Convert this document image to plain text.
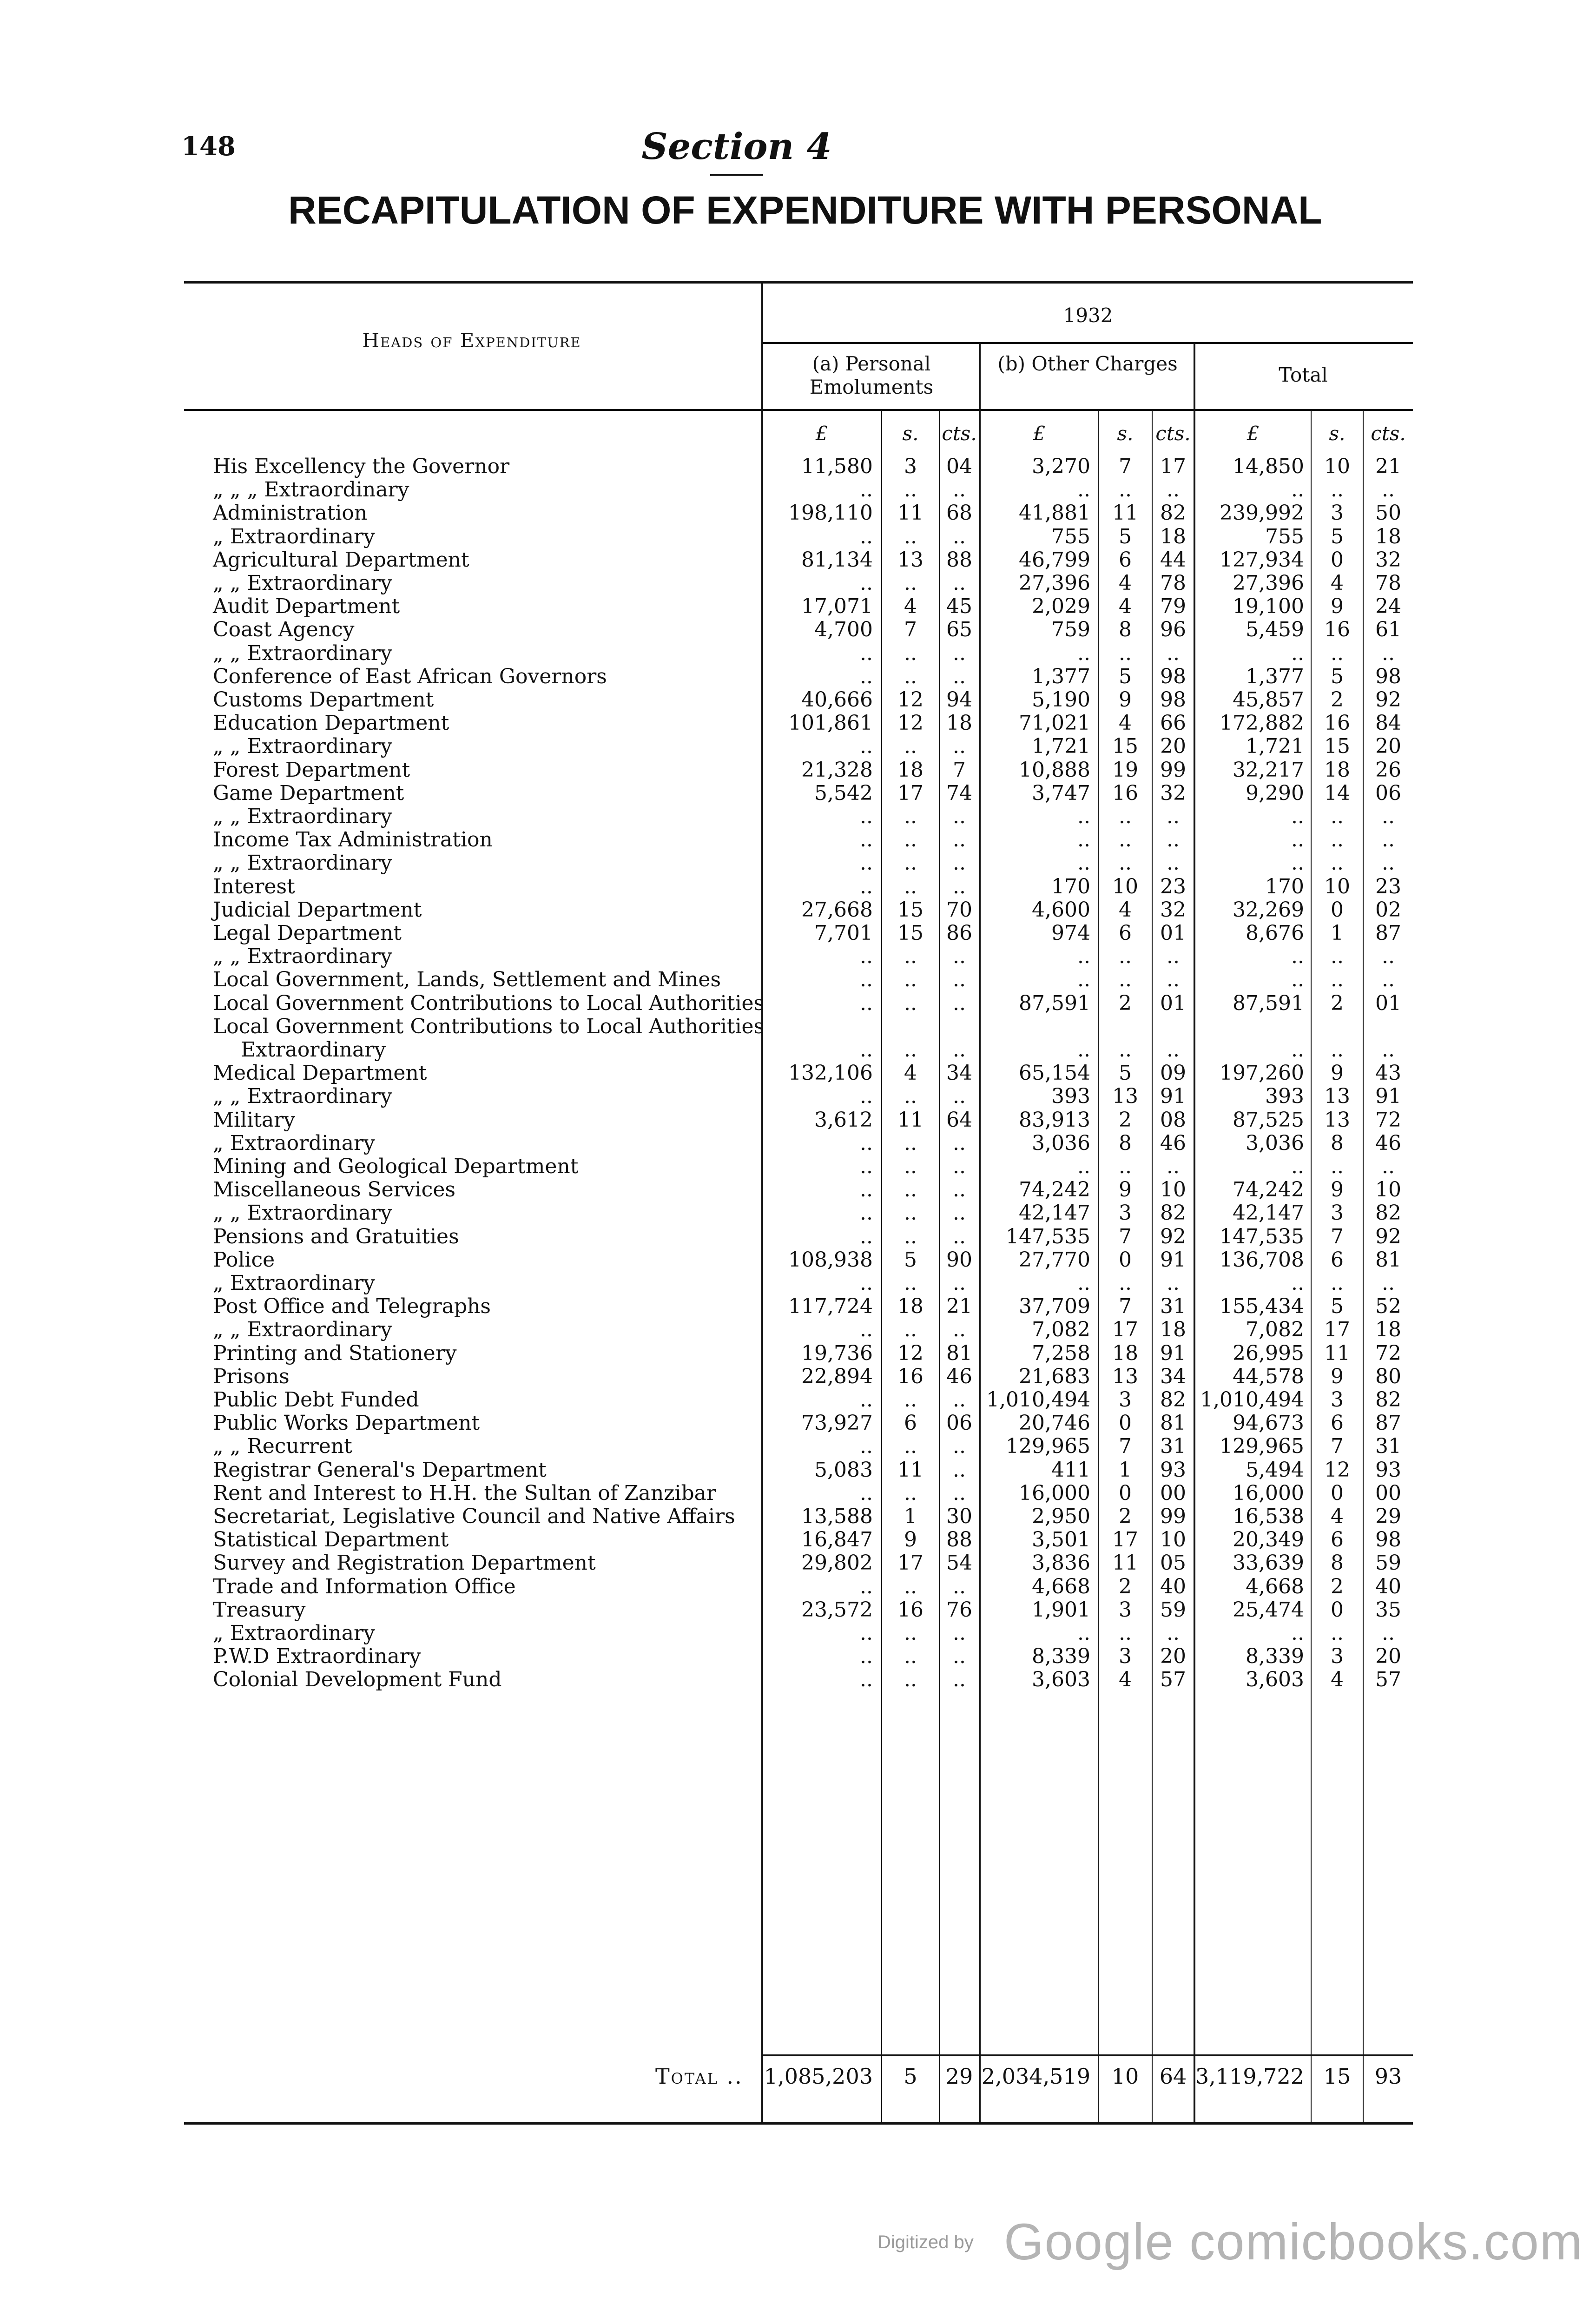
148	Section 4
RECAPITULATION OF EXPENDITURE WITH PERSONAL
Heads of Expenditure
1932
(a) Personal Emoluments
(b) Other Charges	Total
£	s.	cts.	£	s.	cts.	£	s.	cts.
His Excellency the Governor	11,580	3	04	3,270	7	17	14,850 10	21
„ „ „ Extraordinary	..	..	..	..	..	..	..	..	..
Administration	198,110	11	68	41,881	11	82	239,992	3	50
„ Extraordinary	..	..	..	755	5	18	755	5	18
Agricultural Department	81,134	13	88	46,799	6	44	127,934	0	32
„ „ Extraordinary	..	..	..	27,396	4	78	27,396	4	78
Audit Department	17,071	4	45	2,029	4	79	19,100	9	24
Coast Agency	4,700	7	65	759	8	96	5,459 16	61
„ „ Extraordinary	..	..	..	..	..	..	..	..	..
Conference of East African Governors	..	..	..	1,377	5	98	1,377	5	98
Customs Department	40,666	12	94	5,190	9	98	45,857	2	92
Education Department	101,861	12	18	71,021	4	66	172,882 16	84
„ „ Extraordinary	..	..	..	1,721	15	20	1,721 15	20
Forest Department	21,328	18	7	10,888	19	99	32,217 18	26
Game Department	5,542	17	74	3,747	16	32	9,290 14	06
„ „ Extraordinary	..	..	..	..	..	..	..	..	..
Income Tax Administration	..	..	..	..	..	..	..	..	..
„ „ Extraordinary	..	..	..	..	..	..	..	..	..
Interest	..	..	..	170	10	23	170 10	23
Judicial Department	27,668	15	70	4,600	4	32	32,269	0	02
Legal Department	7,701	15	86	974	6	01	8,676	1	87
„ „ Extraordinary	..	..	..	..	..	..	..	..	..
Local Government, Lands, Settlement and Mines	..	..	..	..	..	..	..	..	..
Local Government Contributions to Local Authorities	..	..	..	87,591	2	01	87,591	2	01
Local Government Contributions to Local Authorities
Extraordinary	..	..	..	..	..	..	..	..	..
Medical Department	132,106	4	34	65,154	5	09	197,260	9	43
„ „ Extraordinary	..	..	..	393	13	91	393 13	91
Military	3,612	11	64	83,913	2	08	87,525 13	72
„ Extraordinary	..	..	..	3,036	8	46	3,036	8	46
Mining and Geological Department	..	..	..	..	..	..	..	..	..
Miscellaneous Services	..	..	..	74,242	9	10	74,242	9	10
„ „ Extraordinary	..	..	..	42,147	3	82	42,147	3	82
Pensions and Gratuities	..	..	..	147,535	7	92	147,535	7	92
Police	108,938	5	90	27,770	0	91	136,708	6	81
„ Extraordinary	..	..	..	..	..	..	..	..	..
Post Office and Telegraphs	117,724	18	21	37,709	7	31	155,434	5	52
„ „ Extraordinary	..	..	..	7,082	17	18	7,082 17	18
Printing and Stationery	19,736	12	81	7,258	18	91	26,995 11	72
Prisons	22,894	16	46	21,683	13	34	44,578	9	80
Public Debt Funded	..	..	..	1,010,494	3	82 1,010,494	3	82
Public Works Department	73,927	6	06	20,746	0	81	94,673	6	87
„ „ Recurrent	..	..	..	129,965	7	31	129,965	7	31
Registrar General's Department	5,083	11	..	411	1	93	5,494 12	93
Rent and Interest to H.H. the Sultan of Zanzibar	..	..	..	16,000	0	00	16,000	0	00
Secretariat, Legislative Council and Native Affairs	13,588	1	30	2,950	2	99	16,538	4	29
Statistical Department	16,847	9	88	3,501	17	10	20,349	6	98
Survey and Registration Department	29,802	17	54	3,836	11	05	33,639	8	59
Trade and Information Office	..	..	..	4,668	2	40	4,668	2	40
Treasury	23,572	16	76	1,901	3	59	25,474	0	35
„ Extraordinary	..	..	..	..	..	..	..	..	..
P.W.D Extraordinary	..	..	..	8,339	3	20	8,339	3	20
Colonial Development Fund	..	..	..	3,603	4	57	3,603	4	57
Total .. 1,085,203	5	29 2,034,519 10 64 3,119,722 15	93
Digitized by Google comicbooks.com
